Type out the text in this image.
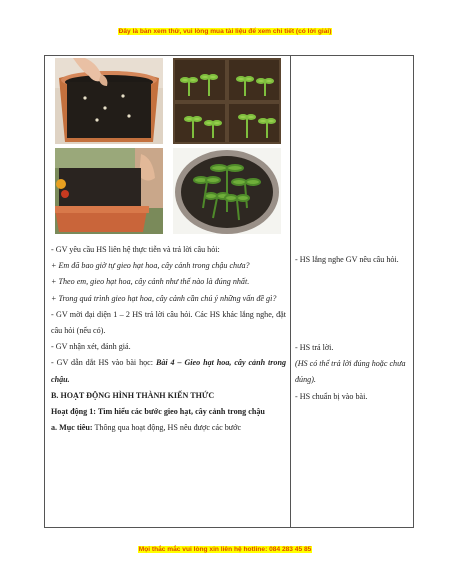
Đây là bản xem thử, vui lòng mua tài liệu để xem chi tiết (có lời giải)

- GV yêu cầu HS liên hệ thực tiễn và trả lời câu hỏi:

+ Em đã bao giờ tự gieo hạt hoa, cây cảnh trong chậu chưa?

+ Theo em, gieo hạt hoa, cây cảnh như thế nào là đúng nhất.

+ Trong quá trình gieo hạt hoa, cây cảnh cần chú ý những vấn đề gì?

- GV mời đại diện 1 – 2 HS trả lời câu hỏi. Các HS khác lắng nghe, đặt câu hỏi (nếu có).

- GV nhận xét, đánh giá.

- GV dẫn dắt HS vào bài học: Bài 4 – Gieo hạt hoa, cây cảnh trong chậu.

B. HOẠT ĐỘNG HÌNH THÀNH KIẾN THỨC

Hoạt động 1: Tìm hiểu các bước gieo hạt, cây cảnh trong chậu

a. Mục tiêu: Thông qua hoạt động, HS nêu được các bước

- HS lắng nghe GV nêu câu hỏi.

- HS trả lời.

(HS có thể trả lời đúng hoặc chưa đúng).

- HS chuẩn bị vào bài.

Mọi thắc mắc vui lòng xin liên hệ hotline: 084 283 45 85
